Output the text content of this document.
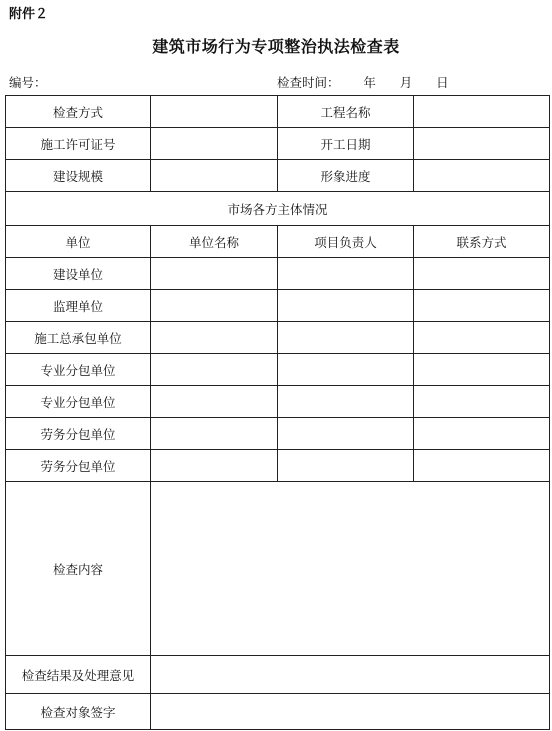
附件２
建筑市场行为专项整治执法检查表
编号：	检查时间： 年 月 日
检查方式		工程名称	
施工许可证号		开工日期	
建设规模		形象进度	
市场各方主体情况			
单位	单位名称	项目负责人	联系方式
建设单位			
监理单位			
施工总承包单位			
专业分包单位			
专业分包单位			
劳务分包单位			
劳务分包单位			
检查内容			
检查结果及处理意见			
检查对象签字			
